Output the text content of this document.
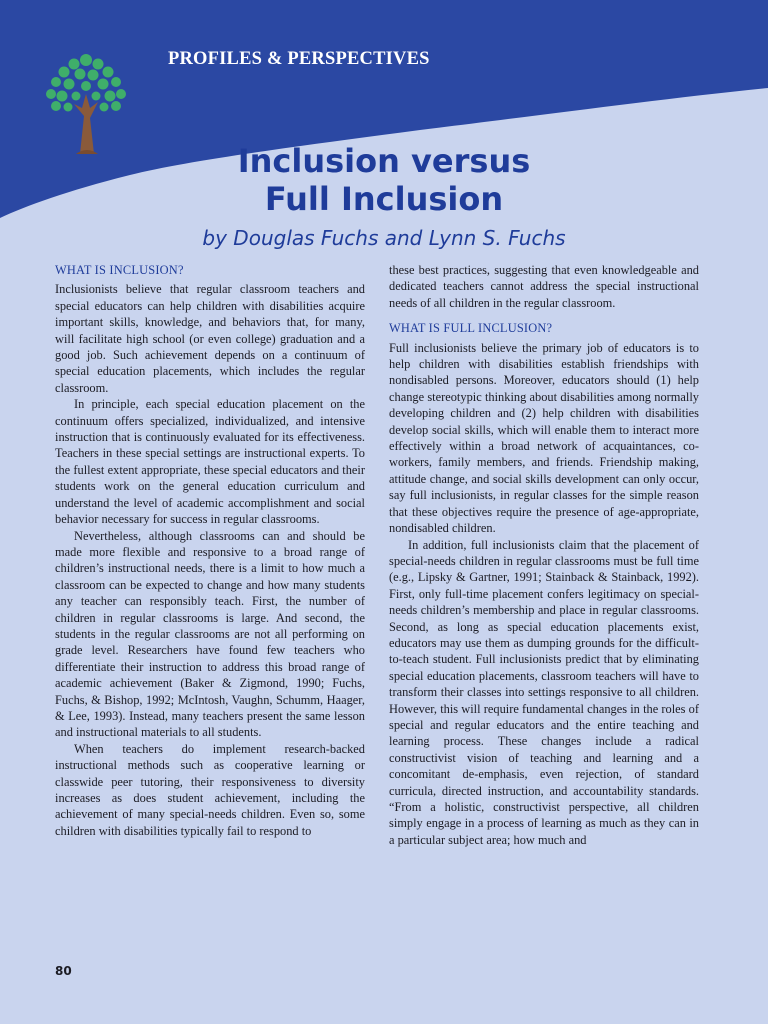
PROFILES & PERSPECTIVES
Inclusion versus
Full Inclusion
by Douglas Fuchs and Lynn S. Fuchs
WHAT IS INCLUSION?

Inclusionists believe that regular classroom teachers and special educators can help children with disabilities acquire important skills, knowledge, and behaviors that, for many, will facilitate high school (or even college) graduation and a good job. Such achievement depends on a continuum of special education placements, which includes the regular classroom.

In principle, each special education placement on the continuum offers specialized, individualized, and intensive instruction that is continuously evaluated for its effectiveness. Teachers in these special settings are instructional experts. To the fullest extent appropriate, these special educators and their students work on the general education curriculum and understand the level of academic accomplishment and social behavior necessary for success in regular classrooms.

Nevertheless, although classrooms can and should be made more flexible and responsive to a broad range of children’s instructional needs, there is a limit to how much a classroom can be expected to change and how many students any teacher can responsibly teach. First, the number of children in regular classrooms is large. And second, the students in the regular classrooms are not all performing on grade level. Researchers have found few teachers who differentiate their instruction to address this broad range of academic achievement (Baker & Zigmond, 1990; Fuchs, Fuchs, & Bishop, 1992; McIntosh, Vaughn, Schumm, Haager, & Lee, 1993). Instead, many teachers present the same lesson and instructional materials to all students.

When teachers do implement research-backed instructional methods such as cooperative learning or classwide peer tutoring, their responsiveness to diversity increases as does student achievement, including the achievement of many special-needs children. Even so, some children with disabilities typically fail to respond to

these best practices, suggesting that even knowledgeable and dedicated teachers cannot address the special instructional needs of all children in the regular classroom.

WHAT IS FULL INCLUSION?

Full inclusionists believe the primary job of educators is to help children with disabilities establish friendships with nondisabled persons. Moreover, educators should (1) help change stereotypic thinking about disabilities among normally developing children and (2) help children with disabilities develop social skills, which will enable them to interact more effectively within a broad network of acquaintances, co-workers, family members, and friends. Friendship making, attitude change, and social skills development can only occur, say full inclusionists, in regular classes for the simple reason that these objectives require the presence of age-appropriate, nondisabled children.

In addition, full inclusionists claim that the placement of special-needs children in regular classrooms must be full time (e.g., Lipsky & Gartner, 1991; Stainback & Stainback, 1992). First, only full-time placement confers legitimacy on special-needs children’s membership and place in regular classrooms. Second, as long as special education placements exist, educators may use them as dumping grounds for the difficult-to-teach student. Full inclusionists predict that by eliminating special education placements, classroom teachers will have to transform their classes into settings responsive to all children. However, this will require fundamental changes in the roles of special and regular educators and the entire teaching and learning process. These changes include a radical constructivist vision of teaching and learning and a concomitant de-emphasis, even rejection, of standard curricula, directed instruction, and accountability standards. “From a holistic, constructivist perspective, all children simply engage in a process of learning as much as they can in a particular subject area; how much and

80
